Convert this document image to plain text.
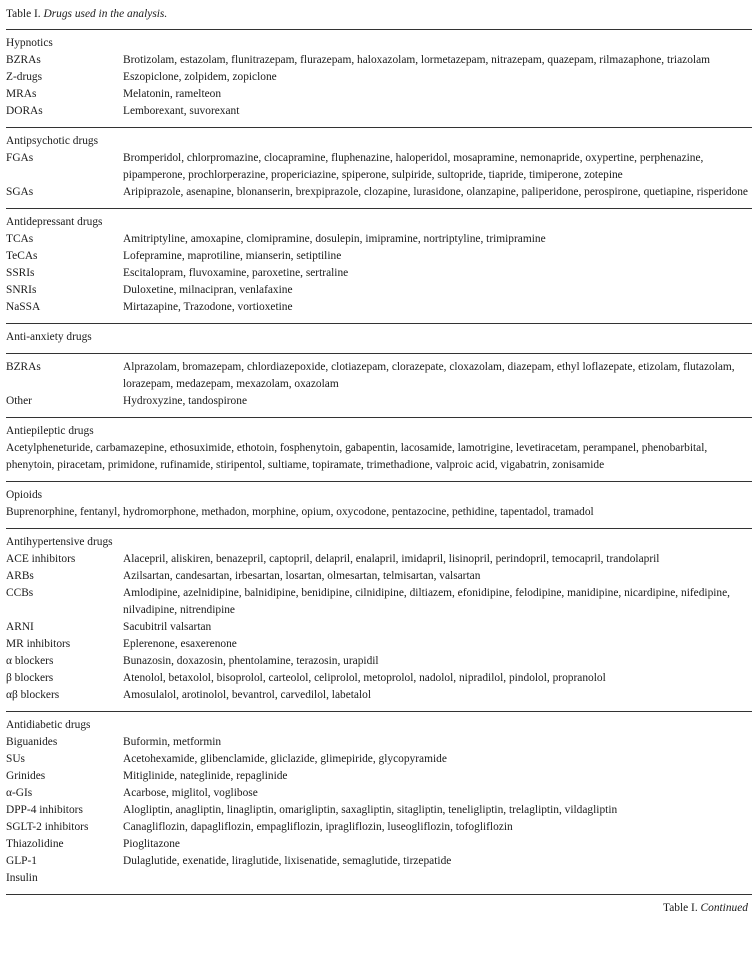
Table I. Drugs used in the analysis.
Hypnotics
BZRAs	Brotizolam, estazolam, flunitrazepam, flurazepam, haloxazolam, lormetazepam, nitrazepam, quazepam, rilmazaphone, triazolam
Z-drugs	Eszopiclone, zolpidem, zopiclone
MRAs	Melatonin, ramelteon
DORAs	Lemborexant, suvorexant
Antipsychotic drugs
FGAs	Bromperidol, chlorpromazine, clocapramine, fluphenazine, haloperidol, mosapramine, nemonapride, oxypertine, perphenazine, pipamperone, prochlorperazine, propericiazine, spiperone, sulpiride, sultopride, tiapride, timiperone, zotepine
SGAs	Aripiprazole, asenapine, blonanserin, brexpiprazole, clozapine, lurasidone, olanzapine, paliperidone, perospirone, quetiapine, risperidone
Antidepressant drugs
TCAs	Amitriptyline, amoxapine, clomipramine, dosulepin, imipramine, nortriptyline, trimipramine
TeCAs	Lofepramine, maprotiline, mianserin, setiptiline
SSRIs	Escitalopram, fluvoxamine, paroxetine, sertraline
SNRIs	Duloxetine, milnacipran, venlafaxine
NaSSA	Mirtazapine, Trazodone, vortioxetine
Anti-anxiety drugs
BZRAs	Alprazolam, bromazepam, chlordiazepoxide, clotiazepam, clorazepate, cloxazolam, diazepam, ethyl loflazepate, etizolam, flutazolam, lorazepam, medazepam, mexazolam, oxazolam
Other	Hydroxyzine, tandospirone
Antiepileptic drugs
Acetylpheneturide, carbamazepine, ethosuximide, ethotoin, fosphenytoin, gabapentin, lacosamide, lamotrigine, levetiracetam, perampanel, phenobarbital, phenytoin, piracetam, primidone, rufinamide, stiripentol, sultiame, topiramate, trimethadione, valproic acid, vigabatrin, zonisamide
Opioids
Buprenorphine, fentanyl, hydromorphone, methadon, morphine, opium, oxycodone, pentazocine, pethidine, tapentadol, tramadol
Antihypertensive drugs
ACE inhibitors	Alacepril, aliskiren, benazepril, captopril, delapril, enalapril, imidapril, lisinopril, perindopril, temocapril, trandolapril
ARBs	Azilsartan, candesartan, irbesartan, losartan, olmesartan, telmisartan, valsartan
CCBs	Amlodipine, azelnidipine, balnidipine, benidipine, cilnidipine, diltiazem, efonidipine, felodipine, manidipine, nicardipine, nifedipine, nilvadipine, nitrendipine
ARNI	Sacubitril valsartan
MR inhibitors	Eplerenone, esaxerenone
α blockers	Bunazosin, doxazosin, phentolamine, terazosin, urapidil
β blockers	Atenolol, betaxolol, bisoprolol, carteolol, celiprolol, metoprolol, nadolol, nipradilol, pindolol, propranolol
αβ blockers	Amosulalol, arotinolol, bevantrol, carvedilol, labetalol
Antidiabetic drugs
Biguanides	Buformin, metformin
SUs	Acetohexamide, glibenclamide, gliclazide, glimepiride, glycopyramide
Grinides	Mitiglinide, nateglinide, repaglinide
α-GIs	Acarbose, miglitol, voglibose
DPP-4 inhibitors	Alogliptin, anagliptin, linagliptin, omarigliptin, saxagliptin, sitagliptin, teneligliptin, trelagliptin, vildagliptin
SGLT-2 inhibitors	Canagliflozin, dapagliflozin, empagliflozin, ipragliflozin, luseogliflozin, tofogliflozin
Thiazolidine	Pioglitazone
GLP-1	Dulaglutide, exenatide, liraglutide, lixisenatide, semaglutide, tirzepatide
Insulin
Table I. Continued
